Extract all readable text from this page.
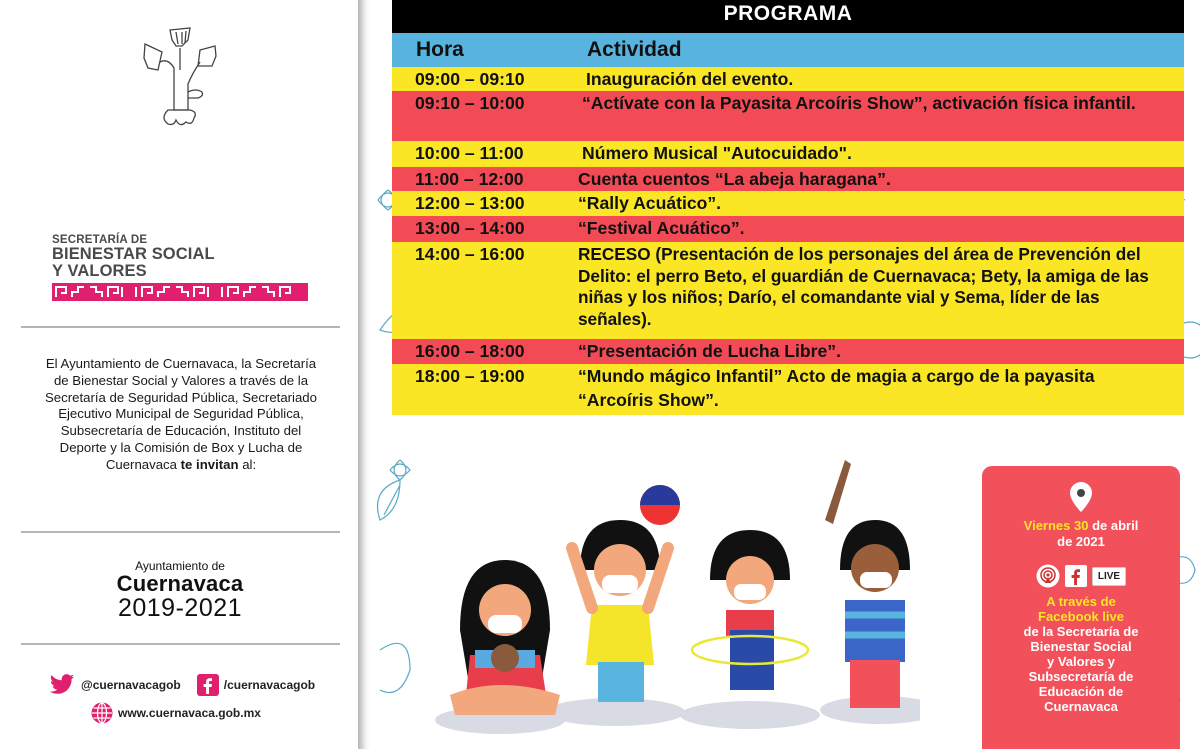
SECRETARÍA DE
BIENESTAR SOCIAL
Y VALORES
El Ayuntamiento de Cuernavaca, la Secretaría de Bienestar Social y Valores a través de la Secretaría de Seguridad Pública, Secretariado Ejecutivo Municipal de Seguridad Pública, Subsecretaría de Educación, Instituto del Deporte y la Comisión de Box y Lucha de Cuernavaca te invitan al:
Ayuntamiento de
Cuernavaca
2019-2021
@cuernavacagob	/cuernavacagob
www.cuernavaca.gob.mx
PROGRAMA
Hora	Actividad
09:00 – 09:10	Inauguración del evento.
09:10 – 10:00	“Actívate con la Payasita Arcoíris Show”, activación física infantil.
10:00 – 11:00	Número Musical "Autocuidado".
11:00 – 12:00	Cuenta cuentos “La abeja haragana”.
12:00 – 13:00	“Rally Acuático”.
13:00 – 14:00	“Festival Acuático”.
14:00 – 16:00	RECESO (Presentación de los personajes del área de Prevención del Delito: el perro Beto, el guardián de Cuernavaca; Bety, la amiga de las niñas y los niños; Darío, el comandante vial y Sema, líder de las señales).
16:00 – 18:00	“Presentación de Lucha Libre”.
18:00 – 19:00	“Mundo mágico Infantil” Acto de magia a cargo de la payasita “Arcoíris Show”.
Viernes 30 de abril
de 2021
LIVE
A través de
Facebook live
de la Secretaría de
Bienestar Social
y Valores y
Subsecretaría de
Educación de
Cuernavaca
